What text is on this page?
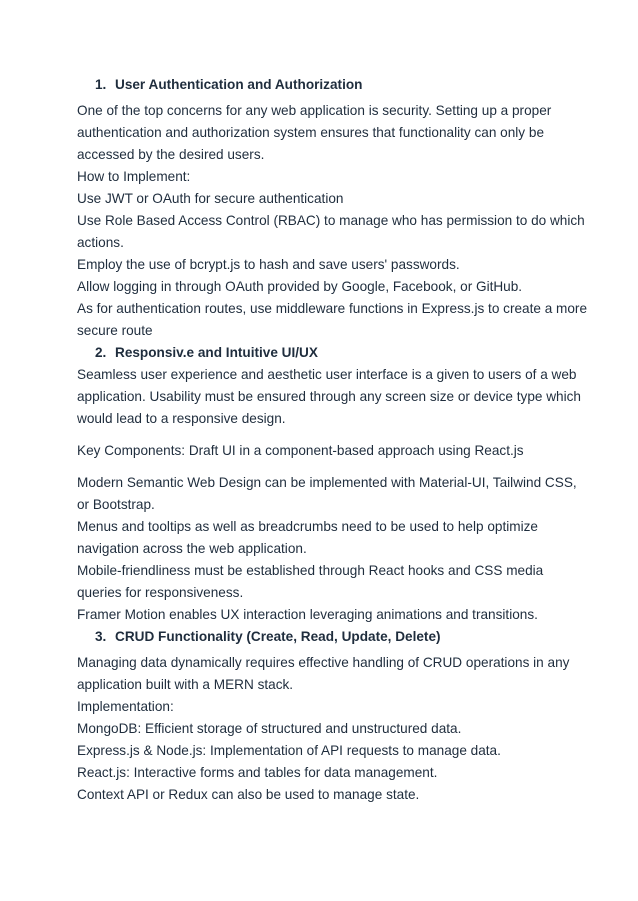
1. User Authentication and Authorization
One of the top concerns for any web application is security. Setting up a proper
authentication and authorization system ensures that functionality can only be
accessed by the desired users.
How to Implement:
Use JWT or OAuth for secure authentication
Use Role Based Access Control (RBAC) to manage who has permission to do which
actions.
Employ the use of bcrypt.js to hash and save users' passwords.
Allow logging in through OAuth provided by Google, Facebook, or GitHub.
As for authentication routes, use middleware functions in Express.js to create a more
secure route
2. Responsiv.e and Intuitive UI/UX
Seamless user experience and aesthetic user interface is a given to users of a web
application. Usability must be ensured through any screen size or device type which
would lead to a responsive design.
Key Components: Draft UI in a component-based approach using React.js
Modern Semantic Web Design can be implemented with Material-UI, Tailwind CSS,
or Bootstrap.
Menus and tooltips as well as breadcrumbs need to be used to help optimize
navigation across the web application.
Mobile-friendliness must be established through React hooks and CSS media
queries for responsiveness.
Framer Motion enables UX interaction leveraging animations and transitions.
3. CRUD Functionality (Create, Read, Update, Delete)
Managing data dynamically requires effective handling of CRUD operations in any
application built with a MERN stack.
Implementation:
MongoDB: Efficient storage of structured and unstructured data.
Express.js & Node.js: Implementation of API requests to manage data.
React.js: Interactive forms and tables for data management.
Context API or Redux can also be used to manage state.
